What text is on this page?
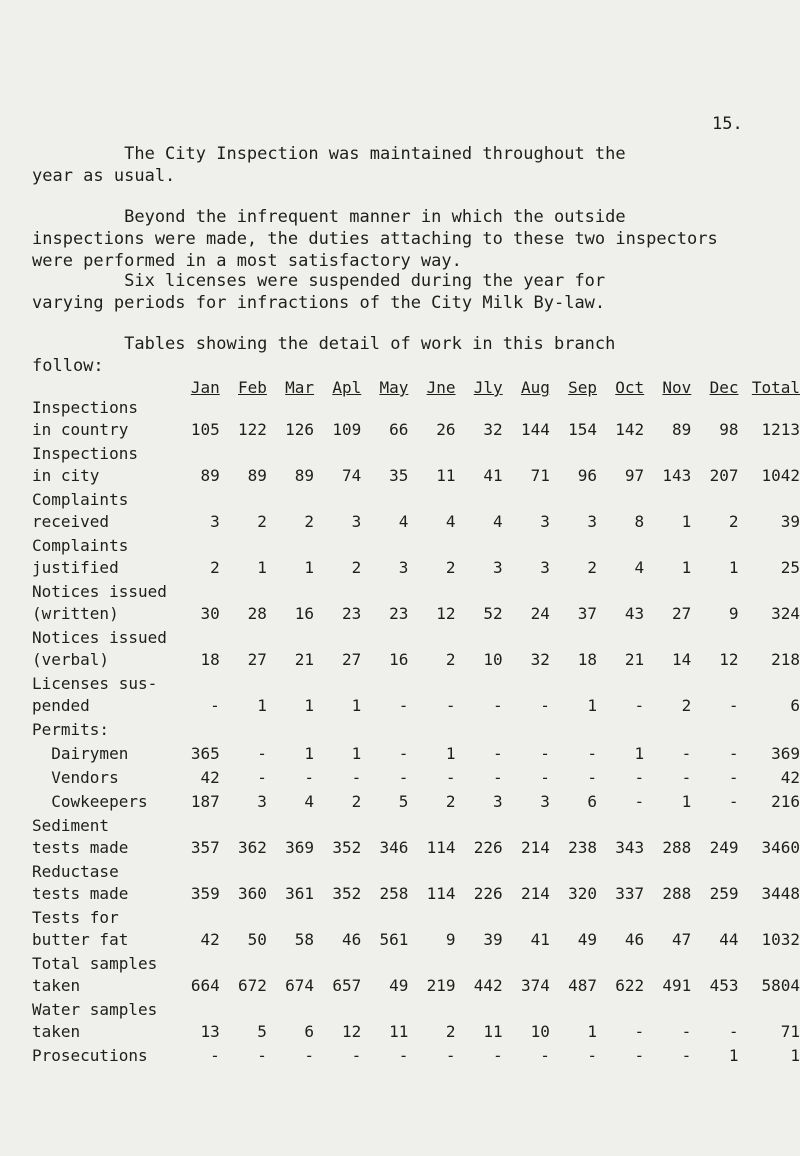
15.
The City Inspection was maintained throughout the
year as usual.
Beyond the infrequent manner in which the outside
inspections were made, the duties attaching to these two inspectors
were performed in a most satisfactory way.
Six licenses were suspended during the year for
varying periods for infractions of the City Milk By-law.
Tables showing the detail of work in this branch
follow:
	Jan	Feb	Mar	Apl	May	Jne	Jly	Aug	Sep	Oct	Nov	Dec	Total
Inspections
in country	105	122	126	109	66	26	32	144	154	142	89	98	1213
Inspections
in city	89	89	89	74	35	11	41	71	96	97	143	207	1042
Complaints
received	3	2	2	3	4	4	4	3	3	8	1	2	39
Complaints
justified	2	1	1	2	3	2	3	3	2	4	1	1	25
Notices issued
(written)	30	28	16	23	23	12	52	24	37	43	27	9	324
Notices issued
(verbal)	18	27	21	27	16	2	10	32	18	21	14	12	218
Licenses sus-
pended	-	1	1	1	-	-	-	-	1	-	2	-	6
Permits:													
Dairymen	365	-	1	1	-	1	-	-	-	1	-	-	369
Vendors	42	-	-	-	-	-	-	-	-	-	-	-	42
Cowkeepers	187	3	4	2	5	2	3	3	6	-	1	-	216
Sediment
tests made	357	362	369	352	346	114	226	214	238	343	288	249	3460
Reductase
tests made	359	360	361	352	258	114	226	214	320	337	288	259	3448
Tests for
butter fat	42	50	58	46	561	9	39	41	49	46	47	44	1032
Total samples
taken	664	672	674	657	49	219	442	374	487	622	491	453	5804
Water samples
taken	13	5	6	12	11	2	11	10	1	-	-	-	71
Prosecutions	-	-	-	-	-	-	-	-	-	-	-	1	1
